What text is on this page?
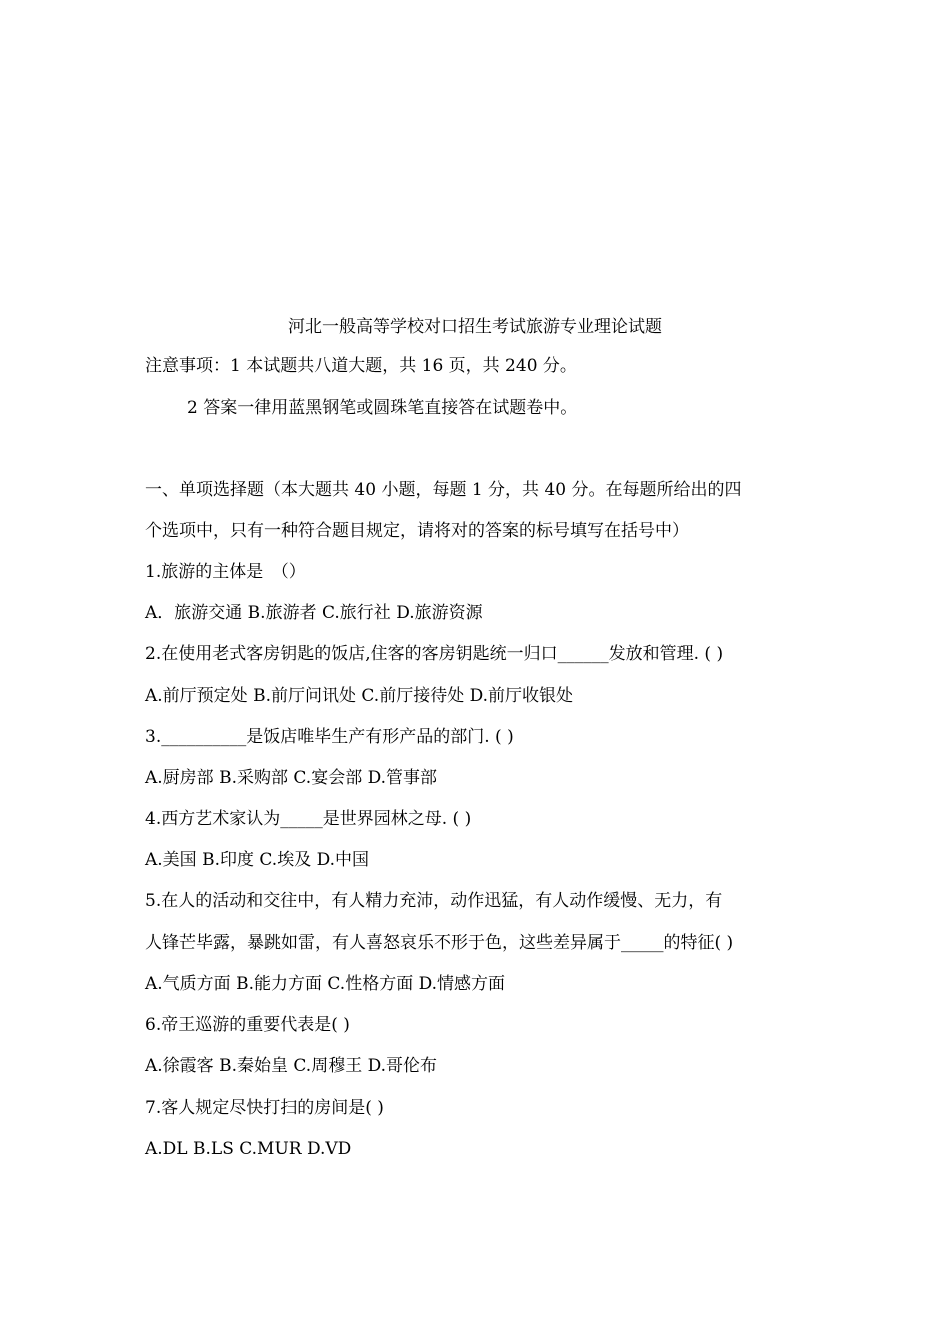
河北一般高等学校对口招生考试旅游专业理论试题
注意事项：1 本试题共八道大题，共 16 页，共 240 分。
2 答案一律用蓝黑钢笔或圆珠笔直接答在试题卷中。
一、单项选择题（本大题共 40 小题，每题 1 分，共 40 分。在每题所给出的四
个选项中，只有一种符合题目规定，请将对的答案的标号填写在括号中）
1.旅游的主体是　（）
A．旅游交通 B.旅游者 C.旅行社 D.旅游资源
2.在使用老式客房钥匙的饭店,住客的客房钥匙统一归口______发放和管理. ( )
A.前厅预定处 B.前厅问讯处 C.前厅接待处 D.前厅收银处
3.__________是饭店唯毕生产有形产品的部门. ( )
A.厨房部 B.采购部 C.宴会部 D.管事部
4.西方艺术家认为_____是世界园林之母. ( )
A.美国 B.印度 C.埃及 D.中国
5.在人的活动和交往中，有人精力充沛，动作迅猛，有人动作缓慢、无力，有
人锋芒毕露，暴跳如雷，有人喜怒哀乐不形于色，这些差异属于_____的特征( )
A.气质方面 B.能力方面 C.性格方面 D.情感方面
6.帝王巡游的重要代表是( )
A.徐霞客 B.秦始皇 C.周穆王 D.哥伦布
7.客人规定尽快打扫的房间是( )
A.DL B.LS C.MUR D.VD
